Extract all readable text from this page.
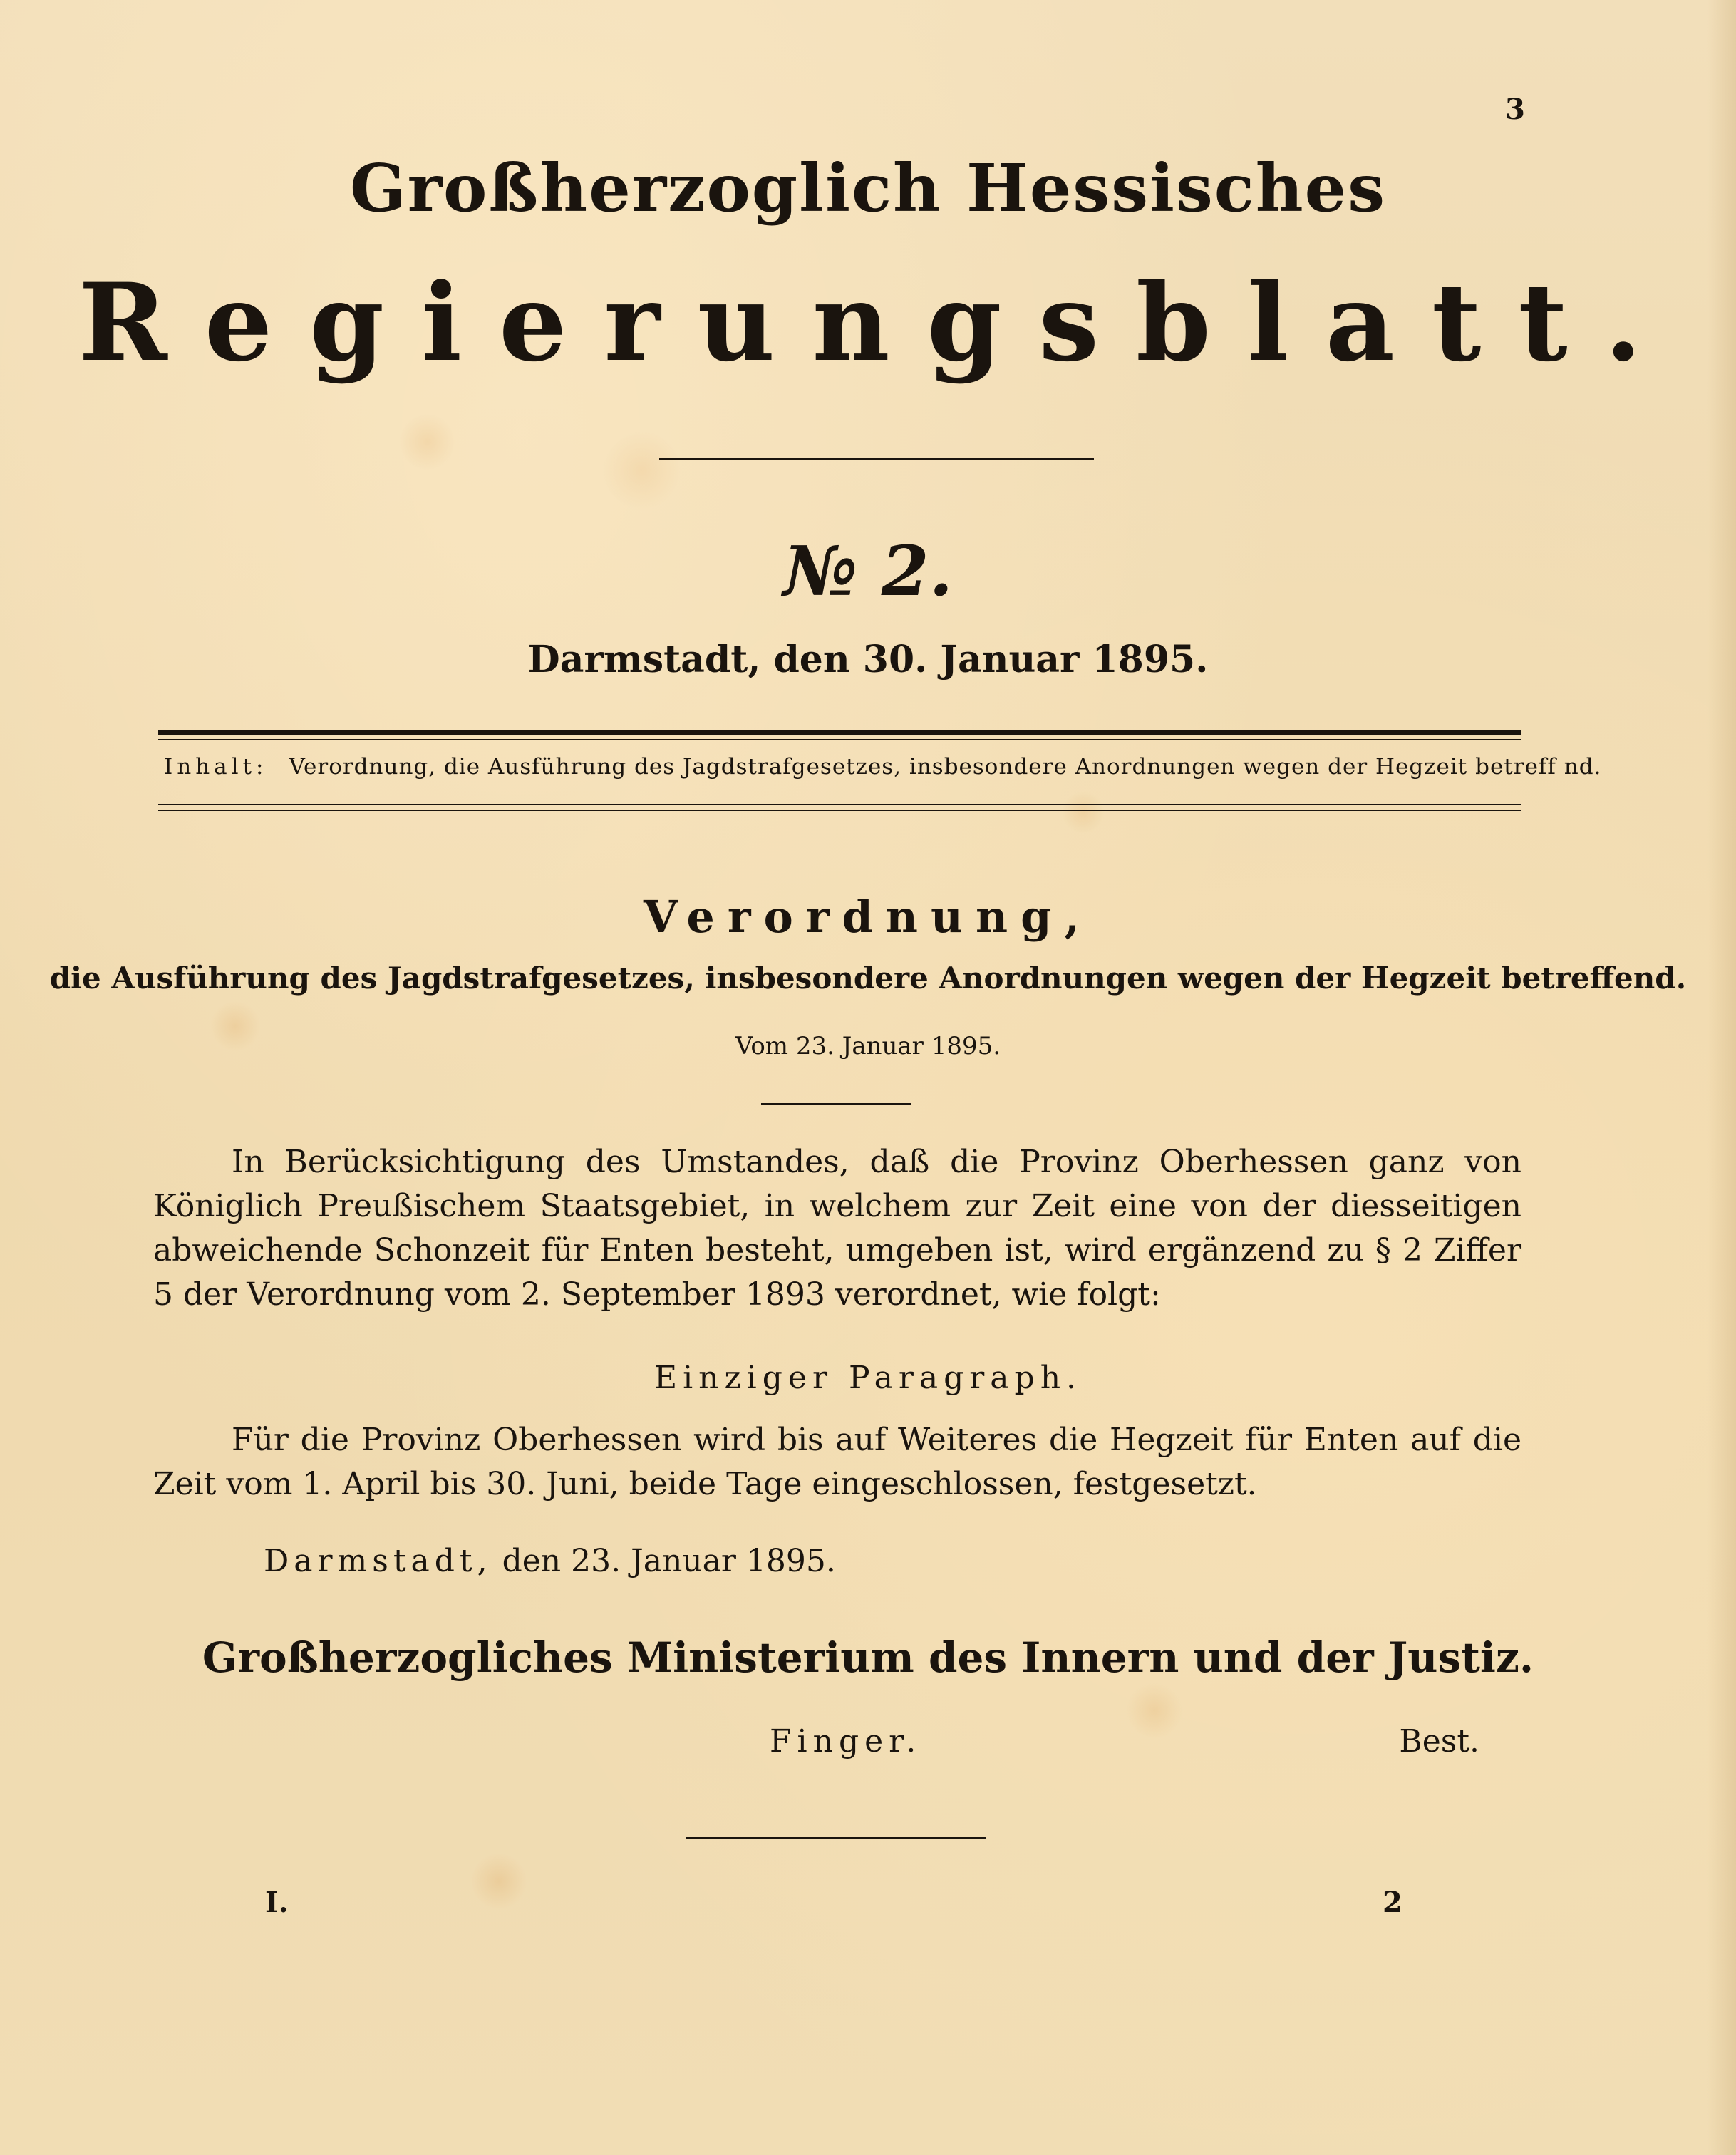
3
Großherzoglich Hessisches
Regierungsblatt.
№ 2.
Darmstadt, den 30. Januar 1895.
Inhalt: Verordnung, die Ausführung des Jagdstrafgesetzes, insbesondere Anordnungen wegen der Hegzeit betreff nd.
Verordnung,
die Ausführung des Jagdstrafgesetzes, insbesondere Anordnungen wegen der Hegzeit betreffend.
Vom 23. Januar 1895.
In Berücksichtigung des Umstandes, daß die Provinz Oberhessen ganz von Königlich Preußischem Staatsgebiet, in welchem zur Zeit eine von der diesseitigen abweichende Schonzeit für Enten besteht, umgeben ist, wird ergänzend zu § 2 Ziffer 5 der Verordnung vom 2. September 1893 verordnet, wie folgt:
Einziger Paragraph.
Für die Provinz Oberhessen wird bis auf Weiteres die Hegzeit für Enten auf die Zeit vom 1. April bis 30. Juni, beide Tage eingeschlossen, festgesetzt.
Darmstadt, den 23. Januar 1895.
Großherzogliches Ministerium des Innern und der Justiz.
Finger.	Best.
I.	2
